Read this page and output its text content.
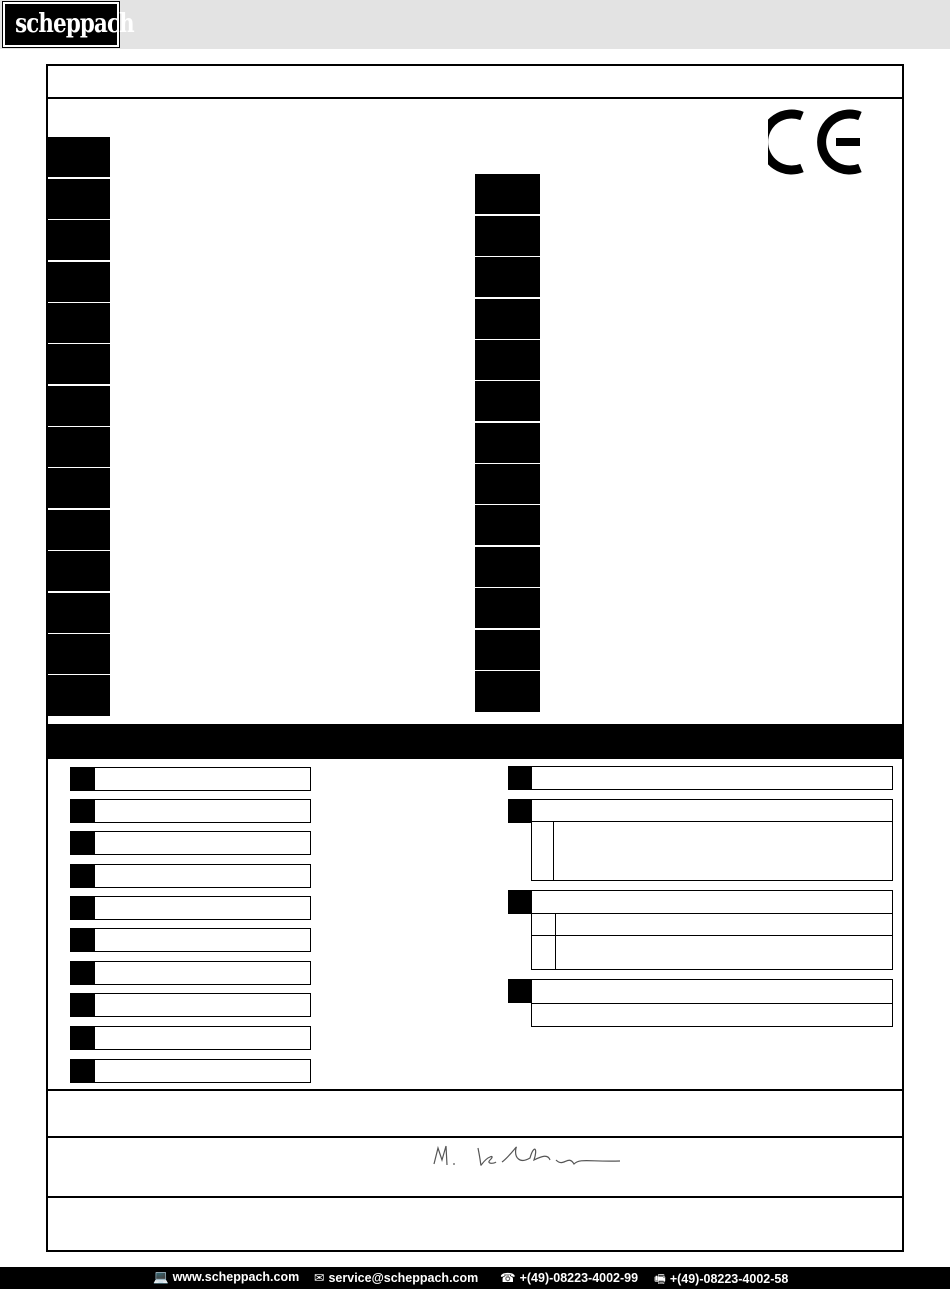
scheppach
💻 www.scheppach.com ✉ service@scheppach.com ☎ +(49)-08223-4002-99 🖷 +(49)-08223-4002-58
